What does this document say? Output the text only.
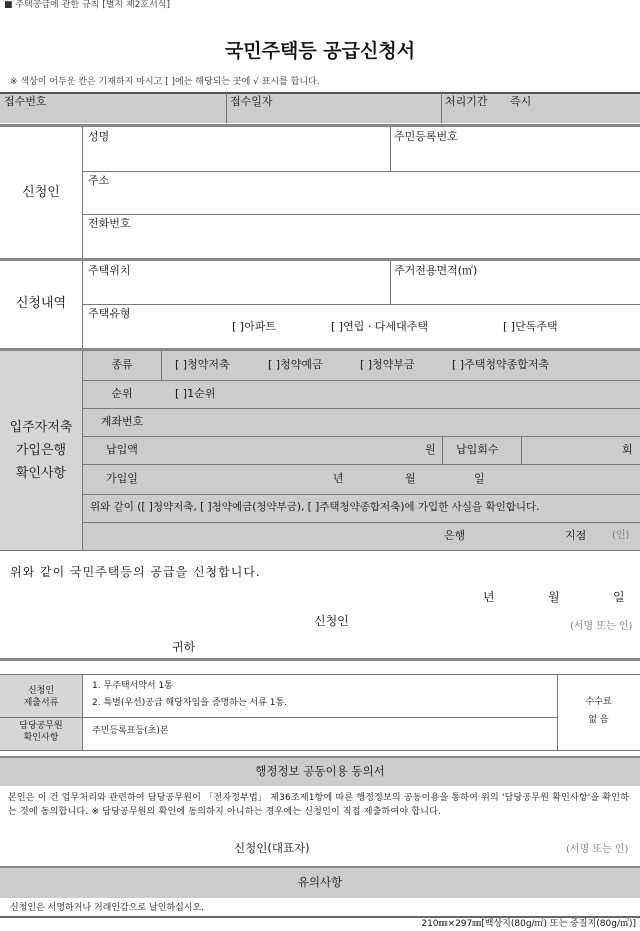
■ 주택공급에 관한 규칙 [별지 제2호서식]
국민주택등 공급신청서
※ 색상이 어두운 칸은 기재하지 마시고 [ ]에는 해당되는 곳에 √ 표시를 합니다.
접수번호	접수일자	처리기간 즉시
신청인
성명	주민등록번호
주소
전화번호
신청내역
주택위치	주거전용면적(㎡)
주택유형
[ ]아파트	[ ]연립 · 다세대주택	[ ]단독주택
입주자저축
가입은행
확인사항
종류	[ ]청약저축	[ ]청약예금	[ ]청약부금	[ ]주택청약종합저축
순위	[ ]1순위
계좌번호
납입액	원 납입회수	회
가입일	년	월	일
위와 같이 ([ ]청약저축, [ ]청약예금(청약부금), [ ]주택청약종합저축)에 가입한 사실을 확인합니다.
은행	지점	(인)
위와 같이 국민주택등의 공급을 신청합니다.
년	월	일
신청인	(서명 또는 인)
귀하
신청인
제출서류
1. 무주택서약서 1통
2. 특별(우선)공급 해당자임을 증명하는 서류 1통.
담당공무원
확인사항
주민등록표등(초)본
수수료
없 음
행정정보 공동이용 동의서
본인은 이 건 업무처리와 관련하여 담당공무원이 「전자정부법」 제36조제1항에 따른 행정정보의 공동이용을 통하여 위의 '담당공무원 확인사항'을 확인하는 것에 동의합니다. ※ 담당공무원의 확인에 동의하지 아니하는 경우에는 신청인이 직접 제출하여야 합니다.
신청인(대표자)	(서명 또는 인)
유의사항
신청인은 서명하거나 거래인감으로 날인하십시오.
210㎜×297㎜[백상지(80g/㎡) 또는 중질지(80g/㎡)]
